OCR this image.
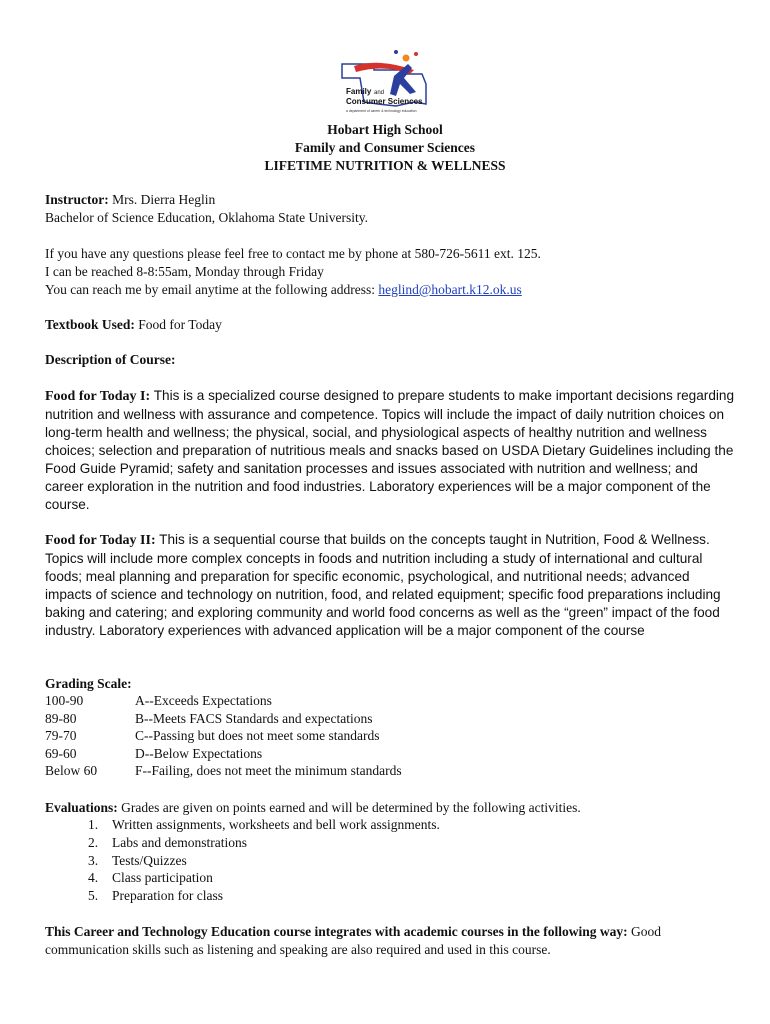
Family and
Consumer Sciences
a department of career & technology education
Hobart High School
Family and Consumer Sciences
LIFETIME NUTRITION & WELLNESS
Instructor: Mrs. Dierra Heglin
Bachelor of Science Education, Oklahoma State University.
If you have any questions please feel free to contact me by phone at 580-726-5611 ext. 125.
I can be reached 8-8:55am, Monday through Friday
You can reach me by email anytime at the following address: heglind@hobart.k12.ok.us
Textbook Used: Food for Today
Description of Course:
Food for Today I: This is a specialized course designed to prepare students to make important decisions regarding nutrition and wellness with assurance and competence. Topics will include the impact of daily nutrition choices on long-term health and wellness; the physical, social, and physiological aspects of healthy nutrition and wellness choices; selection and preparation of nutritious meals and snacks based on USDA Dietary Guidelines including the Food Guide Pyramid; safety and sanitation processes and issues associated with nutrition and wellness; and career exploration in the nutrition and food industries. Laboratory experiences will be a major component of the course.
Food for Today II: This is a sequential course that builds on the concepts taught in Nutrition, Food & Wellness. Topics will include more complex concepts in foods and nutrition including a study of international and cultural foods; meal planning and preparation for specific economic, psychological, and nutritional needs; advanced impacts of science and technology on nutrition, food, and related equipment; specific food preparations including baking and catering; and exploring community and world food concerns as well as the “green” impact of the food industry. Laboratory experiences with advanced application will be a major component of the course
Grading Scale:
100-90	A--Exceeds Expectations
89-80	B--Meets FACS Standards and expectations
79-70	C--Passing but does not meet some standards
69-60	D--Below Expectations
Below 60	F--Failing, does not meet the minimum standards
Evaluations: Grades are given on points earned and will be determined by the following activities.
1.	Written assignments, worksheets and bell work assignments.
2.	Labs and demonstrations
3.	Tests/Quizzes
4.	Class participation
5.	Preparation for class
This Career and Technology Education course integrates with academic courses in the following way: Good
communication skills such as listening and speaking are also required and used in this course.
